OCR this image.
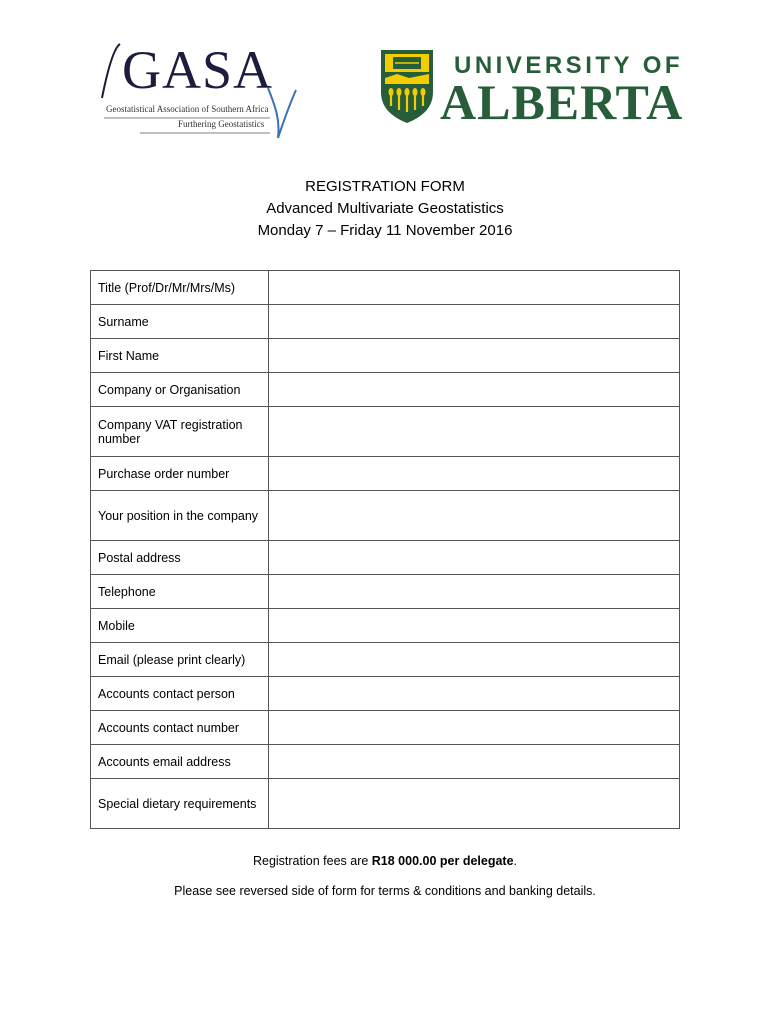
GASA
Geostatistical Association of Southern Africa
Furthering Geostatistics
UNIVERSITY OF
ALBERTA
REGISTRATION FORM
Advanced Multivariate Geostatistics
Monday 7 – Friday 11 November 2016
Title (Prof/Dr/Mr/Mrs/Ms)	
Surname	
First Name	
Company or Organisation	
Company VAT registration number	
Purchase order number	
Your position in the company	
Postal address	
Telephone	
Mobile	
Email (please print clearly)	
Accounts contact person	
Accounts contact number	
Accounts email address	
Special dietary requirements	
Registration fees are R18 000.00 per delegate.
Please see reversed side of form for terms & conditions and banking details.
